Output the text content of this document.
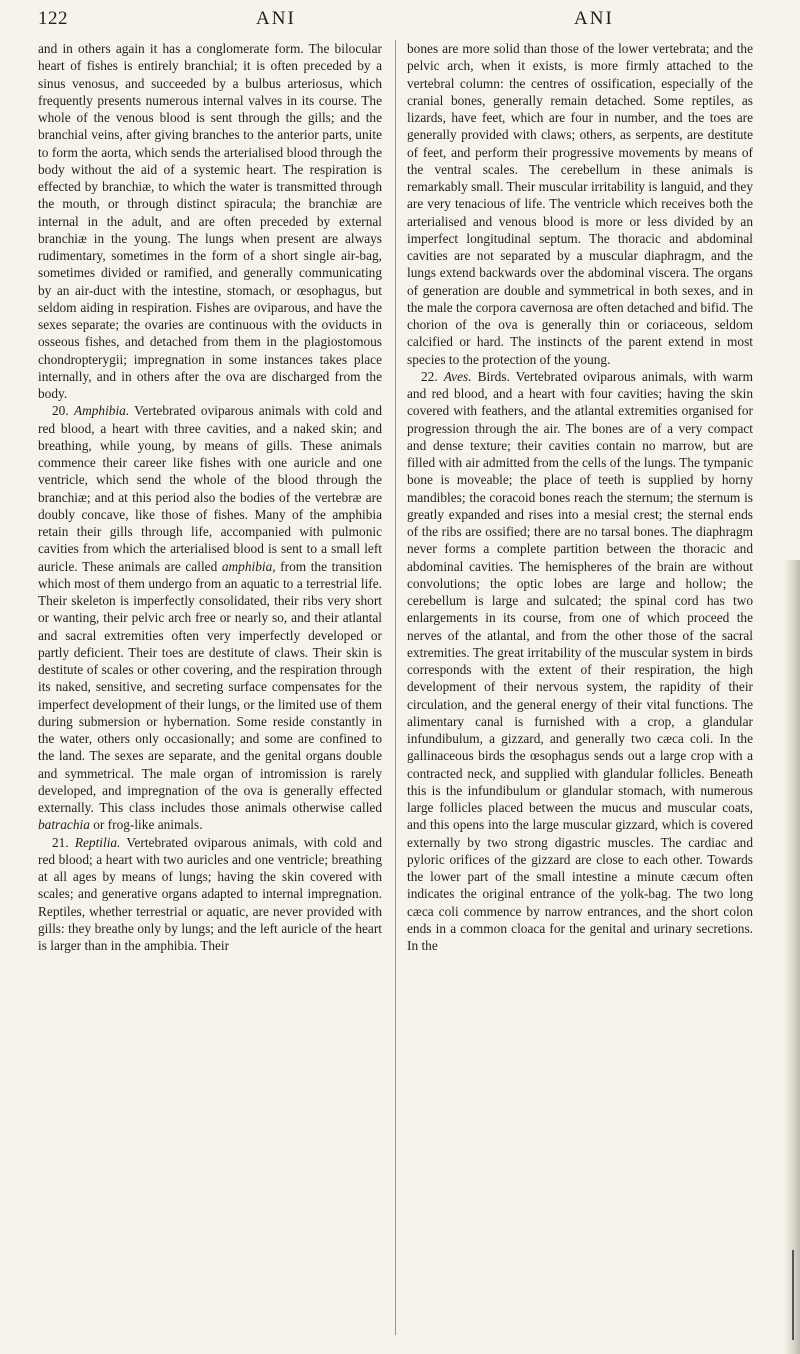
122	ANI	ANI

and in others again it has a conglomerate form. The bilocular heart of fishes is entirely branchial; it is often preceded by a sinus venosus, and succeeded by a bulbus arteriosus, which frequently presents numerous internal valves in its course. The whole of the venous blood is sent through the gills; and the branchial veins, after giving branches to the anterior parts, unite to form the aorta, which sends the arterialised blood through the body without the aid of a systemic heart. The respiration is effected by branchiæ, to which the water is transmitted through the mouth, or through distinct spiracula; the branchiæ are internal in the adult, and are often preceded by external branchiæ in the young. The lungs when present are always rudimentary, sometimes in the form of a short single air-bag, sometimes divided or ramified, and generally communicating by an air-duct with the intestine, stomach, or œsophagus, but seldom aiding in respiration. Fishes are oviparous, and have the sexes separate; the ovaries are continuous with the oviducts in osseous fishes, and detached from them in the plagiostomous chondropterygii; impregnation in some instances takes place internally, and in others after the ova are discharged from the body.

20. Amphibia. Vertebrated oviparous animals with cold and red blood, a heart with three cavities, and a naked skin; and breathing, while young, by means of gills. These animals commence their career like fishes with one auricle and one ventricle, which send the whole of the blood through the branchiæ; and at this period also the bodies of the vertebræ are doubly concave, like those of fishes. Many of the amphibia retain their gills through life, accompanied with pulmonic cavities from which the arterialised blood is sent to a small left auricle. These animals are called amphibia, from the transition which most of them undergo from an aquatic to a terrestrial life. Their skeleton is imperfectly consolidated, their ribs very short or wanting, their pelvic arch free or nearly so, and their atlantal and sacral extremities often very imperfectly developed or partly deficient. Their toes are destitute of claws. Their skin is destitute of scales or other covering, and the respiration through its naked, sensitive, and secreting surface compensates for the imperfect development of their lungs, or the limited use of them during submersion or hybernation. Some reside constantly in the water, others only occasionally; and some are confined to the land. The sexes are separate, and the genital organs double and symmetrical. The male organ of intromission is rarely developed, and impregnation of the ova is generally effected externally. This class includes those animals otherwise called batrachia or frog-like animals.

21. Reptilia. Vertebrated oviparous animals, with cold and red blood; a heart with two auricles and one ventricle; breathing at all ages by means of lungs; having the skin covered with scales; and generative organs adapted to internal impregnation. Reptiles, whether terrestrial or aquatic, are never provided with gills: they breathe only by lungs; and the left auricle of the heart is larger than in the amphibia. Their

bones are more solid than those of the lower vertebrata; and the pelvic arch, when it exists, is more firmly attached to the vertebral column: the centres of ossification, especially of the cranial bones, generally remain detached. Some reptiles, as lizards, have feet, which are four in number, and the toes are generally provided with claws; others, as serpents, are destitute of feet, and perform their progressive movements by means of the ventral scales. The cerebellum in these animals is remarkably small. Their muscular irritability is languid, and they are very tenacious of life. The ventricle which receives both the arterialised and venous blood is more or less divided by an imperfect longitudinal septum. The thoracic and abdominal cavities are not separated by a muscular diaphragm, and the lungs extend backwards over the abdominal viscera. The organs of generation are double and symmetrical in both sexes, and in the male the corpora cavernosa are often detached and bifid. The chorion of the ova is generally thin or coriaceous, seldom calcified or hard. The instincts of the parent extend in most species to the protection of the young.

22. Aves. Birds. Vertebrated oviparous animals, with warm and red blood, and a heart with four cavities; having the skin covered with feathers, and the atlantal extremities organised for progression through the air. The bones are of a very compact and dense texture; their cavities contain no marrow, but are filled with air admitted from the cells of the lungs. The tympanic bone is moveable; the place of teeth is supplied by horny mandibles; the coracoid bones reach the sternum; the sternum is greatly expanded and rises into a mesial crest; the sternal ends of the ribs are ossified; there are no tarsal bones. The diaphragm never forms a complete partition between the thoracic and abdominal cavities. The hemispheres of the brain are without convolutions; the optic lobes are large and hollow; the cerebellum is large and sulcated; the spinal cord has two enlargements in its course, from one of which proceed the nerves of the atlantal, and from the other those of the sacral extremities. The great irritability of the muscular system in birds corresponds with the extent of their respiration, the high development of their nervous system, the rapidity of their circulation, and the general energy of their vital functions. The alimentary canal is furnished with a crop, a glandular infundibulum, a gizzard, and generally two cæca coli. In the gallinaceous birds the œsophagus sends out a large crop with a contracted neck, and supplied with glandular follicles. Beneath this is the infundibulum or glandular stomach, with numerous large follicles placed between the mucus and muscular coats, and this opens into the large muscular gizzard, which is covered externally by two strong digastric muscles. The cardiac and pyloric orifices of the gizzard are close to each other. Towards the lower part of the small intestine a minute cæcum often indicates the original entrance of the yolk-bag. The two long cæca coli commence by narrow entrances, and the short colon ends in a common cloaca for the genital and urinary secretions. In the
